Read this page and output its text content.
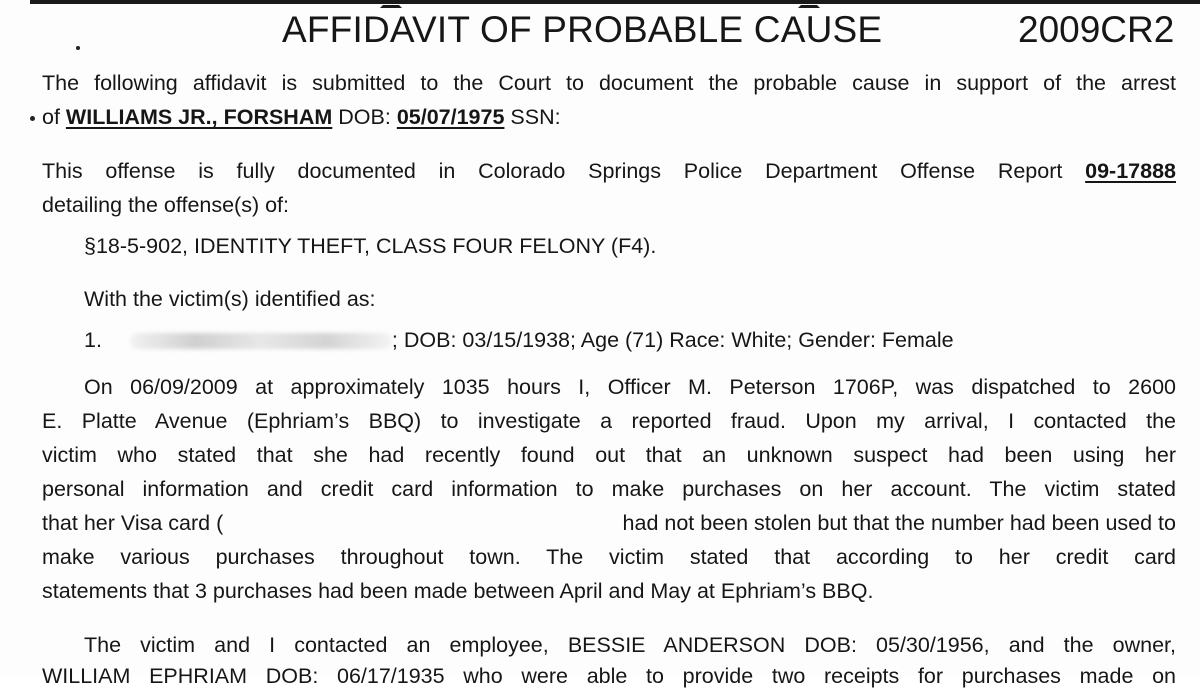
AFFIDAVIT OF PROBABLE CAUSE	2009CR2
The following affidavit is submitted to the Court to document the probable cause in support of the arrest
of WILLIAMS JR., FORSHAM DOB: 05/07/1975 SSN:
This offense is fully documented in Colorado Springs Police Department Offense Report 09-17888
detailing the offense(s) of:
§18-5-902, IDENTITY THEFT, CLASS FOUR FELONY (F4).
With the victim(s) identified as:
1.	; DOB: 03/15/1938; Age (71) Race: White; Gender: Female
On 06/09/2009 at approximately 1035 hours I, Officer M. Peterson 1706P, was dispatched to 2600
E. Platte Avenue (Ephriam’s BBQ) to investigate a reported fraud. Upon my arrival, I contacted the
victim who stated that she had recently found out that an unknown suspect had been using her
personal information and credit card information to make purchases on her account. The victim stated
that her Visa card (	had not been stolen but that the number had been used to
make various purchases throughout town. The victim stated that according to her credit card
statements that 3 purchases had been made between April and May at Ephriam’s BBQ.
The victim and I contacted an employee, BESSIE ANDERSON DOB: 05/30/1956, and the owner,
WILLIAM EPHRIAM DOB: 06/17/1935 who were able to provide two receipts for purchases made on
